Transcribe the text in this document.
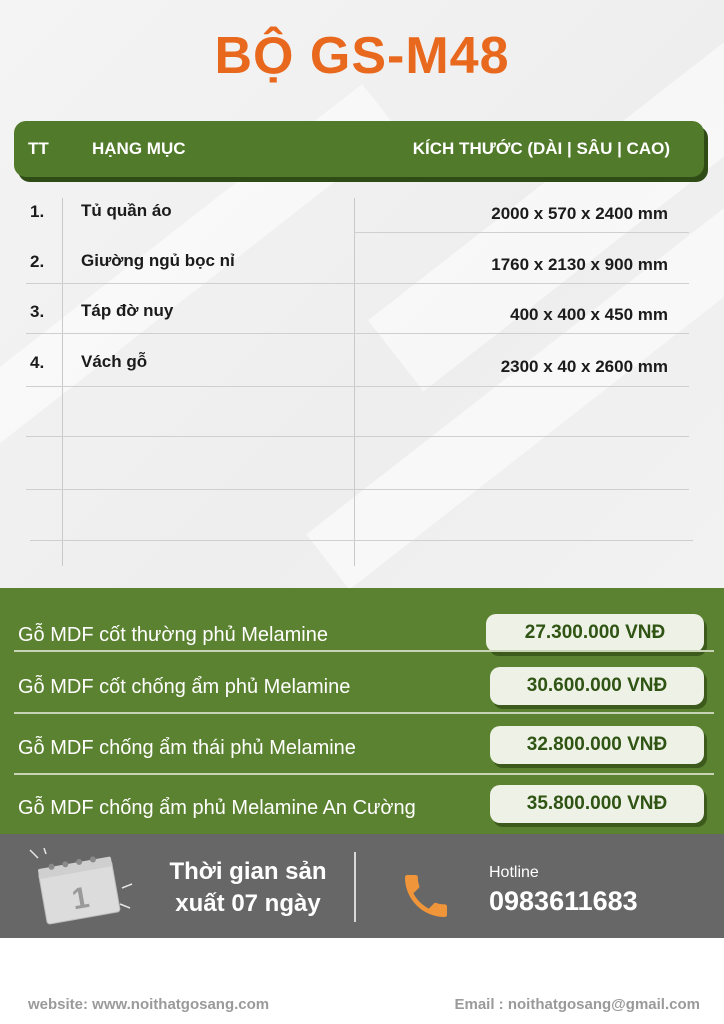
BỘ GS-M48
TT	HẠNG MỤC	KÍCH THƯỚC (DÀI | SÂU | CAO)
1. Tủ quần áo	2000 x 570 x 2400 mm
2. Giường ngủ bọc nỉ	1760 x 2130 x 900 mm
3. Táp đờ nuy	400 x 400 x 450 mm
4. Vách gỗ	2300 x 40 x 2600 mm
Gỗ MDF cốt thường phủ Melamine	27.300.000 VNĐ
Gỗ MDF cốt chống ẩm phủ Melamine	30.600.000 VNĐ
Gỗ MDF chống ẩm thái phủ Melamine	32.800.000 VNĐ
Gỗ MDF chống ẩm phủ Melamine An Cường	35.800.000 VNĐ
1
Thời gian sản
xuất 07 ngày
Hotline
0983611683
website: www.noithatgosang.com	Email : noithatgosang@gmail.com
